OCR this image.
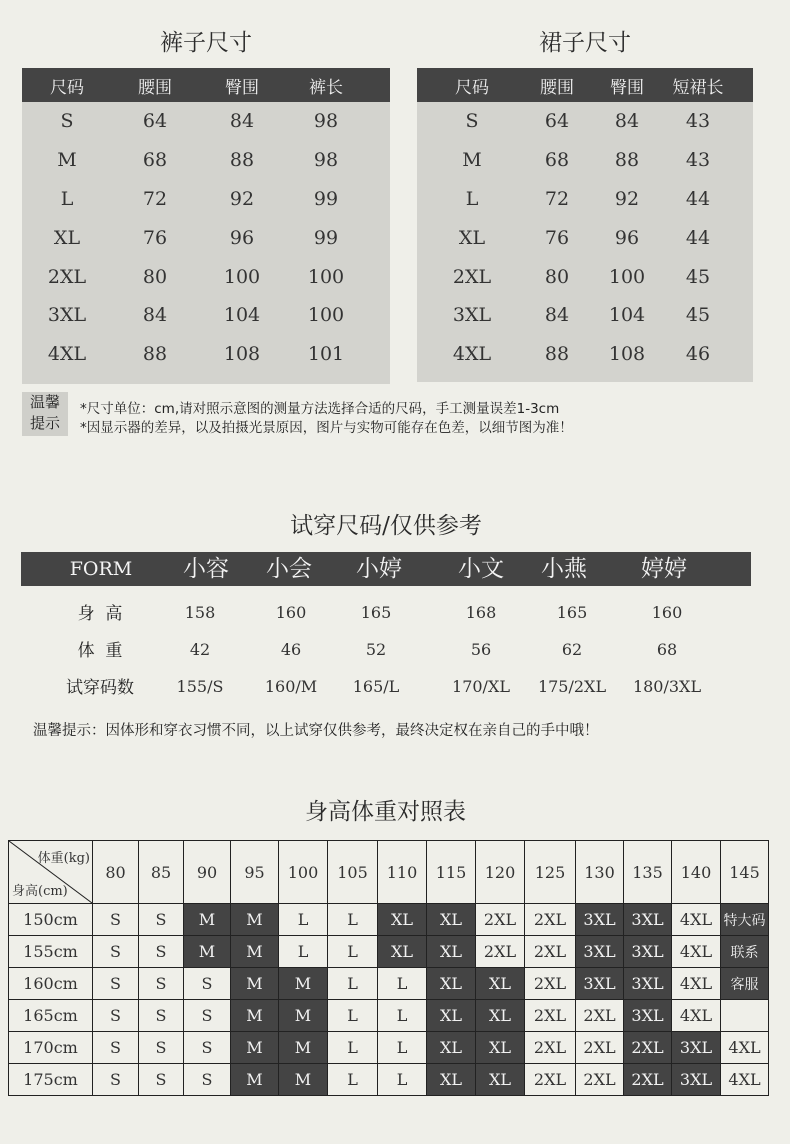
裤子尺寸
尺码	腰围	臀围	裤长
S	64	84	98
M	68	88	98
L	72	92	99
XL	76	96	99
2XL	80	100	100
3XL	84	104	100
4XL	88	108	101
裙子尺寸
尺码	腰围	臀围	短裙长
S	64	84	43
M	68	88	43
L	72	92	44
XL	76	96	44
2XL	80	100	45
3XL	84	104	45
4XL	88	108	46
温馨
提示
*尺寸单位：cm,请对照示意图的测量方法选择合适的尺码，手工测量误差1-3cm
*因显示器的差异，以及拍摄光景原因，图片与实物可能存在色差，以细节图为准！
试穿尺码/仅供参考
FORM	小容	小会	小婷	小文	小燕	婷婷
身  高	158	160	165	168	165	160
体  重	42	46	52	56	62	68
试穿码数	155/S	160/M	165/L	170/XL	175/2XL	180/3XL
温馨提示：因体形和穿衣习惯不同，以上试穿仅供参考，最终决定权在亲自己的手中哦！
身高体重对照表
体重(kg)
身高(cm)	80	85	90	95	100	105	110	115	120	125	130	135	140	145
150cm	S	S	M	M	L	L	XL	XL	2XL	2XL	3XL	3XL	4XL	特大码
155cm	S	S	M	M	L	L	XL	XL	2XL	2XL	3XL	3XL	4XL	联系
160cm	S	S	S	M	M	L	L	XL	XL	2XL	3XL	3XL	4XL	客服
165cm	S	S	S	M	M	L	L	XL	XL	2XL	2XL	3XL	4XL	
170cm	S	S	S	M	M	L	L	XL	XL	2XL	2XL	2XL	3XL	4XL
175cm	S	S	S	M	M	L	L	XL	XL	2XL	2XL	2XL	3XL	4XL
